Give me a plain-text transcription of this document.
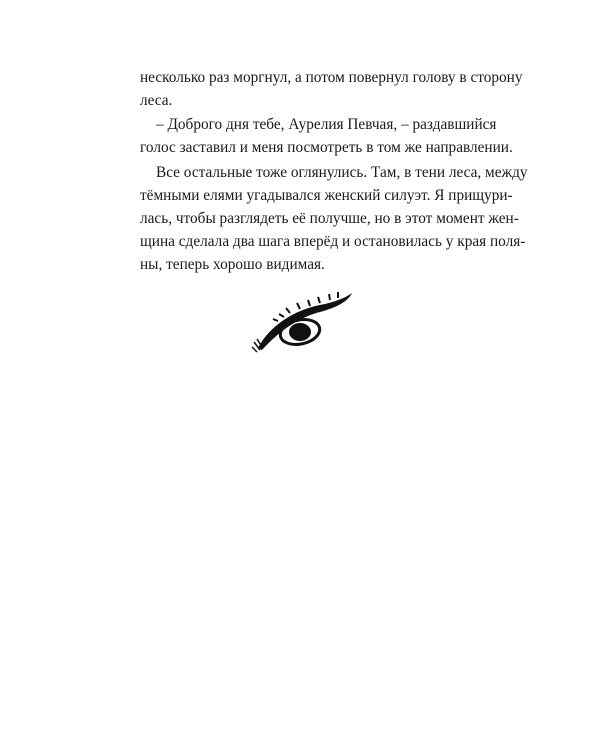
несколько раз моргнул, а потом повернул голову в сторону
леса.
– Доброго дня тебе, Аурелия Певчая, – раздавшийся
голос заставил и меня посмотреть в том же направлении.
Все остальные тоже оглянулись. Там, в тени леса, между
тёмными елями угадывался женский силуэт. Я прищури-
лась, чтобы разглядеть её получше, но в этот момент жен-
щина сделала два шага вперёд и остановилась у края поля-
ны, теперь хорошо видимая.
